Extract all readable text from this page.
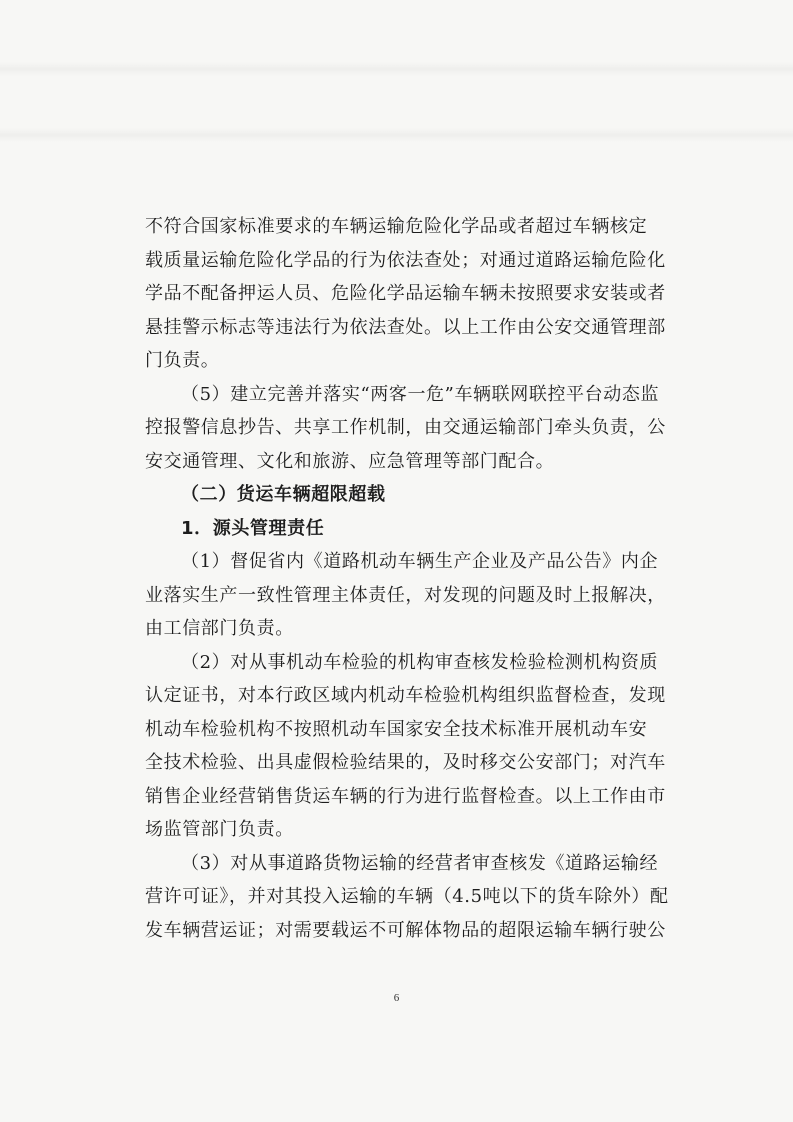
不符合国家标准要求的车辆运输危险化学品或者超过车辆核定
载质量运输危险化学品的行为依法查处；对通过道路运输危险化
学品不配备押运人员、危险化学品运输车辆未按照要求安装或者
悬挂警示标志等违法行为依法查处。以上工作由公安交通管理部
门负责。
（5）建立完善并落实“两客一危”车辆联网联控平台动态监
控报警信息抄告、共享工作机制，由交通运输部门牵头负责，公
安交通管理、文化和旅游、应急管理等部门配合。
（二）货运车辆超限超载
1．源头管理责任
（1）督促省内《道路机动车辆生产企业及产品公告》内企
业落实生产一致性管理主体责任，对发现的问题及时上报解决，
由工信部门负责。
（2）对从事机动车检验的机构审查核发检验检测机构资质
认定证书，对本行政区域内机动车检验机构组织监督检查，发现
机动车检验机构不按照机动车国家安全技术标准开展机动车安
全技术检验、出具虚假检验结果的，及时移交公安部门；对汽车
销售企业经营销售货运车辆的行为进行监督检查。以上工作由市
场监管部门负责。
（3）对从事道路货物运输的经营者审查核发《道路运输经
营许可证》，并对其投入运输的车辆（4.5吨以下的货车除外）配
发车辆营运证；对需要载运不可解体物品的超限运输车辆行驶公
6
